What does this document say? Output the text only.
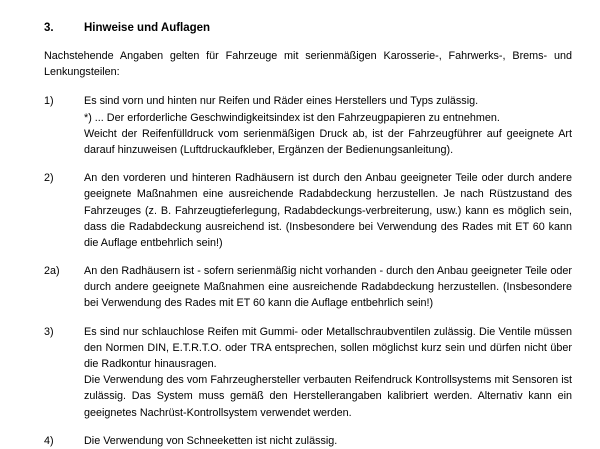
3.	Hinweise und Auflagen

Nachstehende Angaben gelten für Fahrzeuge mit serienmäßigen Karosserie-, Fahrwerks-, Brems- und Lenkungsteilen:

1)	Es sind vorn und hinten nur Reifen und Räder eines Herstellers und Typs zulässig.

*) ... Der erforderliche Geschwindigkeitsindex ist den Fahrzeugpapieren zu entnehmen.

Weicht der Reifenfülldruck vom serienmäßigen Druck ab, ist der Fahrzeugführer auf geeignete Art darauf hinzuweisen (Luftdruckaufkleber, Ergänzen der Bedienungsanleitung).

2)	An den vorderen und hinteren Radhäusern ist durch den Anbau geeigneter Teile oder durch andere geeignete Maßnahmen eine ausreichende Radabdeckung herzustellen. Je nach Rüstzustand des Fahrzeuges (z. B. Fahrzeugtieferlegung, Radabdeckungs-verbreiterung, usw.) kann es möglich sein, dass die Radabdeckung ausreichend ist. (Insbesondere bei Verwendung des Rades mit ET 60 kann die Auflage entbehrlich sein!)

2a)	An den Radhäusern ist - sofern serienmäßig nicht vorhanden - durch den Anbau geeigneter Teile oder durch andere geeignete Maßnahmen eine ausreichende Radabdeckung herzustellen. (Insbesondere bei Verwendung des Rades mit ET 60 kann die Auflage entbehrlich sein!)

3)	Es sind nur schlauchlose Reifen mit Gummi- oder Metallschraubventilen zulässig. Die Ventile müssen den Normen DIN, E.T.R.T.O. oder TRA entsprechen, sollen möglichst kurz sein und dürfen nicht über die Radkontur hinausragen.

Die Verwendung des vom Fahrzeughersteller verbauten Reifendruck Kontrollsystems mit Sensoren ist zulässig. Das System muss gemäß den Herstellerangaben kalibriert werden. Alternativ kann ein geeignetes Nachrüst-Kontrollsystem verwendet werden.

4)	Die Verwendung von Schneeketten ist nicht zulässig.
